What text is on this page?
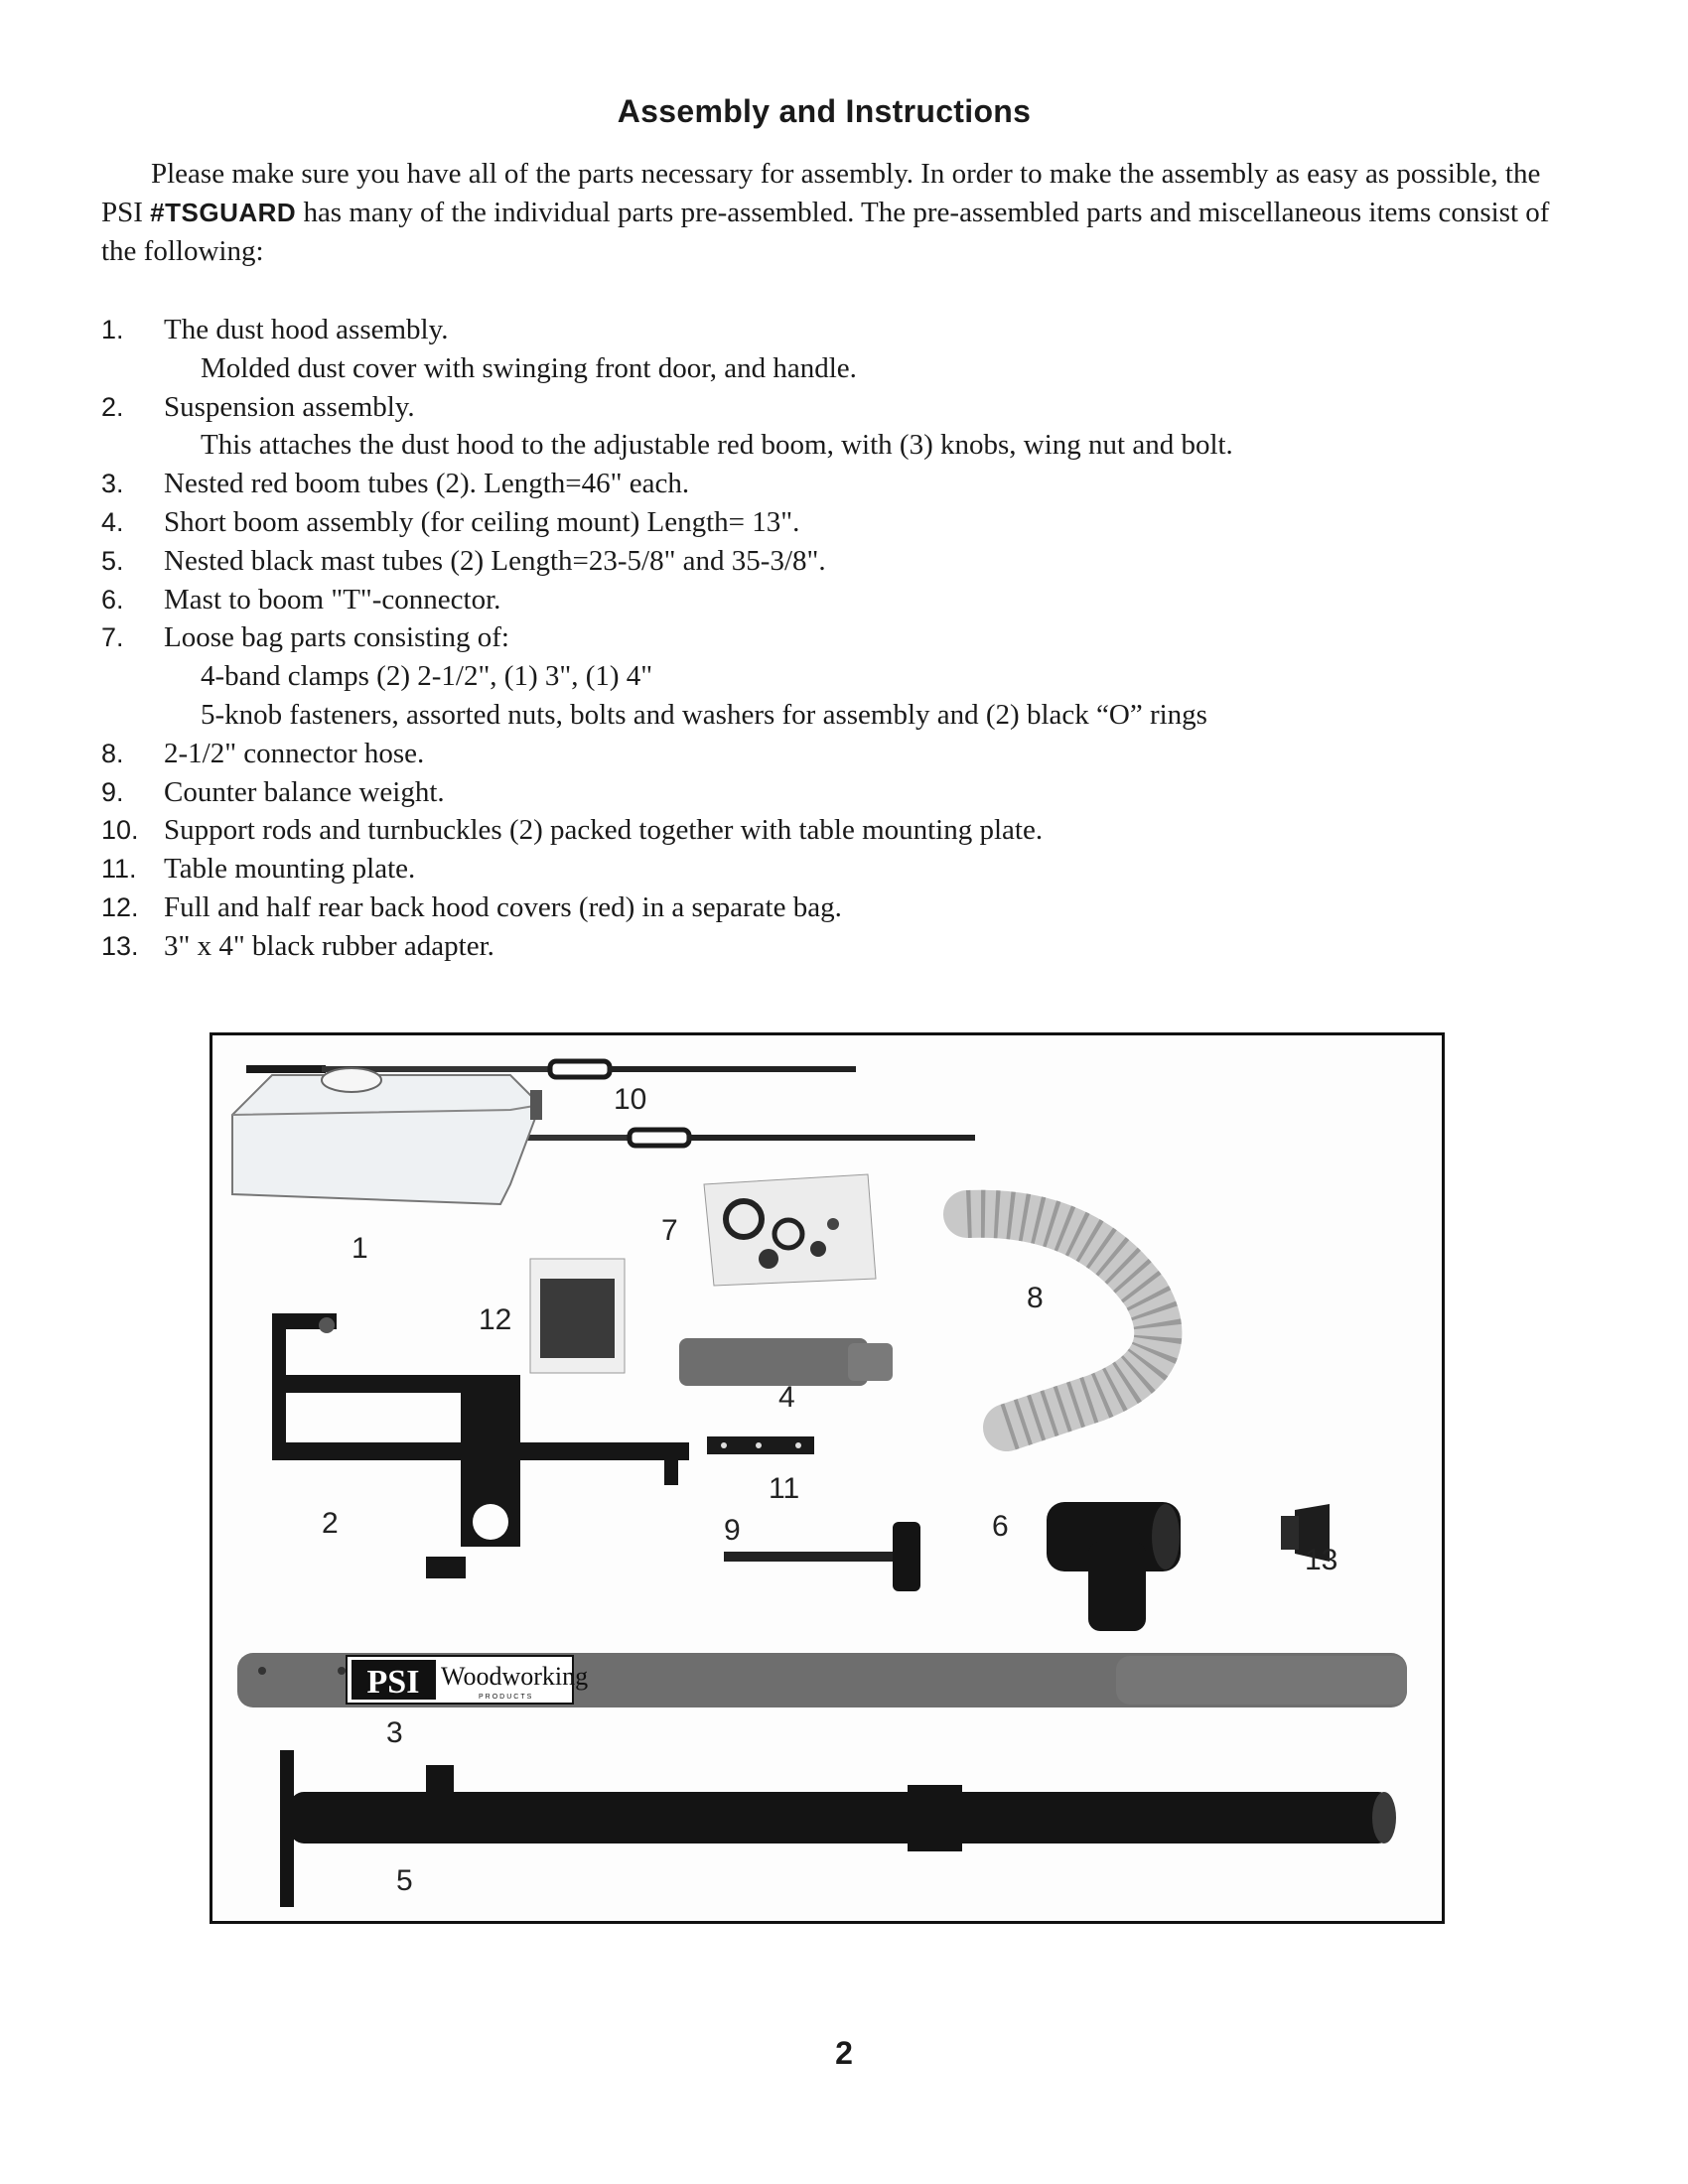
Assembly and Instructions
Please make sure you have all of the parts necessary for assembly. In order to make the assembly as easy as possible, the PSI #TSGUARD has many of the individual parts pre-assembled. The pre-assembled parts and miscellaneous items consist of the following:
1. The dust hood assembly.
Molded dust cover with swinging front door, and handle.
2. Suspension assembly.
This attaches the dust hood to the adjustable red boom, with (3) knobs, wing nut and bolt.
3. Nested red boom tubes (2). Length=46" each.
4. Short boom assembly (for ceiling mount) Length= 13".
5. Nested black mast tubes (2) Length=23-5/8" and 35-3/8".
6. Mast to boom "T"-connector.
7. Loose bag parts consisting of:
4-band clamps (2) 2-1/2", (1) 3", (1) 4"
5-knob fasteners, assorted nuts, bolts and washers for assembly and (2) black “O” rings
8. 2-1/2" connector hose.
9. Counter balance weight.
10. Support rods and turnbuckles (2) packed together with table mounting plate.
11. Table mounting plate.
12. Full and half rear back hood covers (red) in a separate bag.
13. 3" x 4" black rubber adapter.
PSI Woodworking
PRODUCTS
10
1
7
8
12
4
11
2	9	6
13
3
5
2
